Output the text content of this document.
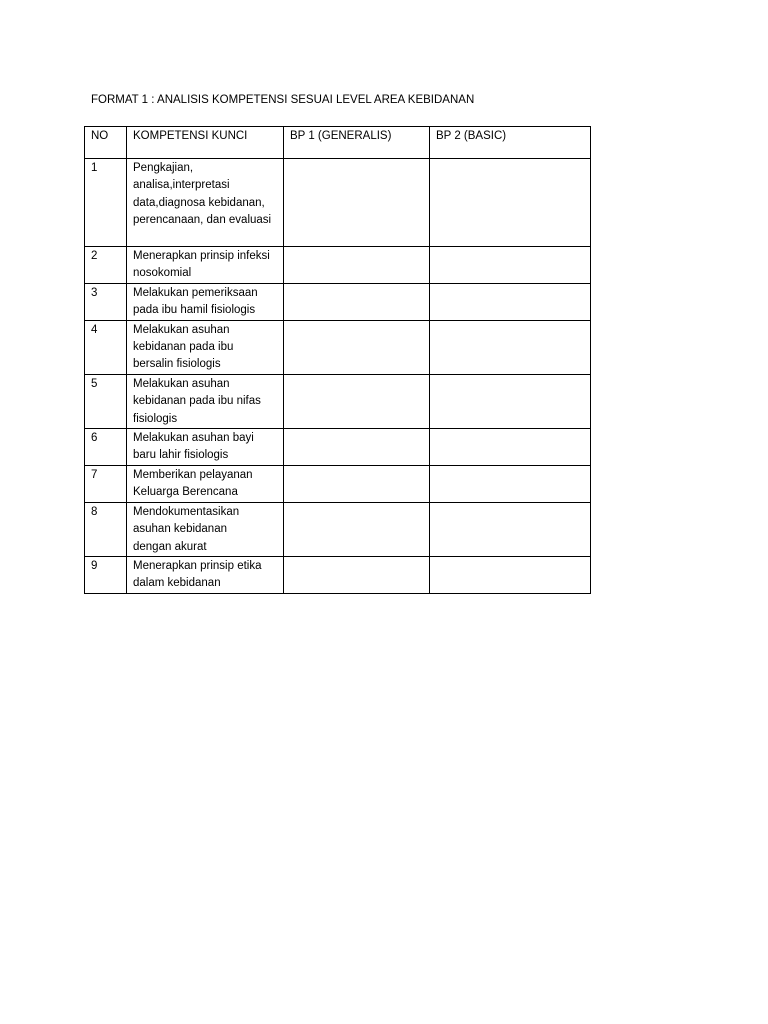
FORMAT 1 : ANALISIS KOMPETENSI SESUAI LEVEL AREA KEBIDANAN
NO	KOMPETENSI KUNCI	BP 1 (GENERALIS)	BP 2 (BASIC)
1	Pengkajian, analisa,interpretasi data,diagnosa kebidanan, perencanaan, dan evaluasi		

2	Menerapkan prinsip infeksi nosokomial		

3	Melakukan pemeriksaan pada ibu hamil fisiologis		

4	Melakukan asuhan kebidanan pada ibu bersalin fisiologis		

5	Melakukan asuhan kebidanan pada ibu nifas fisiologis		

6	Melakukan asuhan bayi baru lahir fisiologis		

7	Memberikan pelayanan Keluarga Berencana		

8	Mendokumentasikan asuhan kebidanan dengan akurat		

9	Menerapkan prinsip etika dalam kebidanan		
